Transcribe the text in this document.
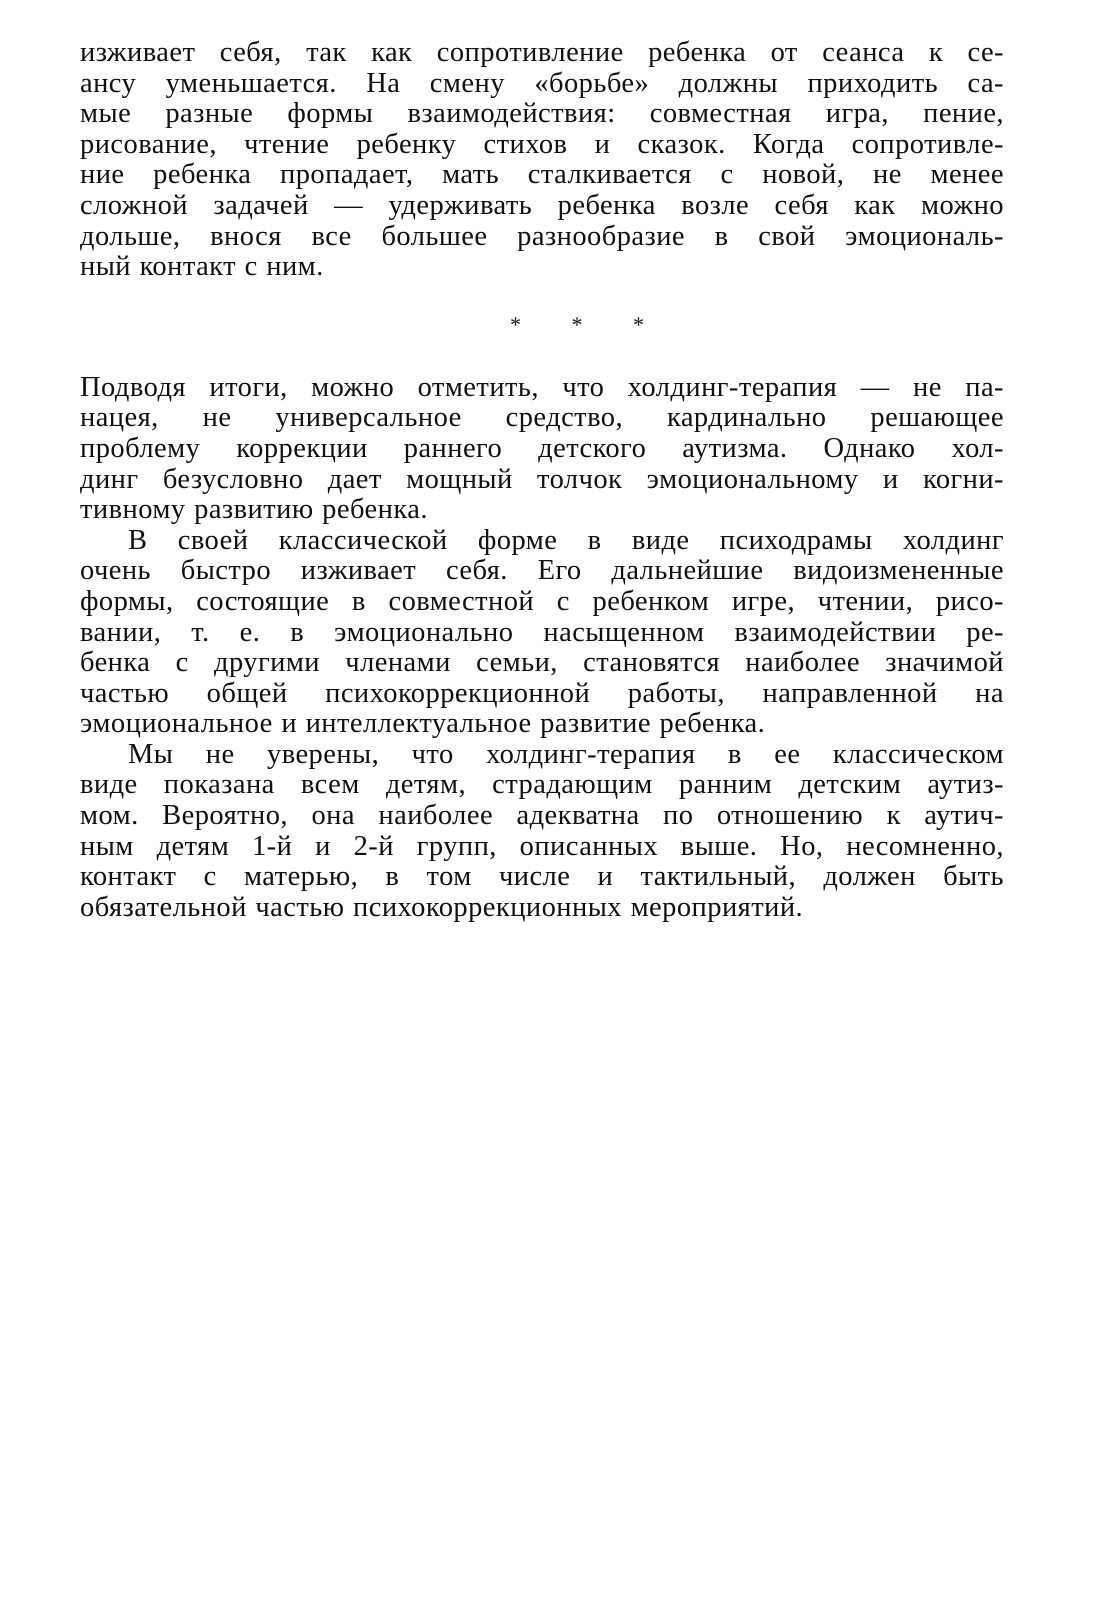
изживает себя, так как сопротивление ребенка от сеанса к се-
ансу уменьшается. На смену «борьбе» должны приходить са-
мые разные формы взаимодействия: совместная игра, пение,
рисование, чтение ребенку стихов и сказок. Когда сопротивле-
ние ребенка пропадает, мать сталкивается с новой, не менее
сложной задачей — удерживать ребенка возле себя как можно
дольше, внося все большее разнообразие в свой эмоциональ-
ный контакт с ним.
* * *
Подводя итоги, можно отметить, что холдинг-терапия — не па-
нацея, не универсальное средство, кардинально решающее
проблему коррекции раннего детского аутизма. Однако хол-
динг безусловно дает мощный толчок эмоциональному и когни-
тивному развитию ребенка.
В своей классической форме в виде психодрамы холдинг
очень быстро изживает себя. Его дальнейшие видоизмененные
формы, состоящие в совместной с ребенком игре, чтении, рисо-
вании, т. е. в эмоционально насыщенном взаимодействии ре-
бенка с другими членами семьи, становятся наиболее значимой
частью общей психокоррекционной работы, направленной на
эмоциональное и интеллектуальное развитие ребенка.
Мы не уверены, что холдинг-терапия в ее классическом
виде показана всем детям, страдающим ранним детским аутиз-
мом. Вероятно, она наиболее адекватна по отношению к аутич-
ным детям 1-й и 2-й групп, описанных выше. Но, несомненно,
контакт с матерью, в том числе и тактильный, должен быть
обязательной частью психокоррекционных мероприятий.
